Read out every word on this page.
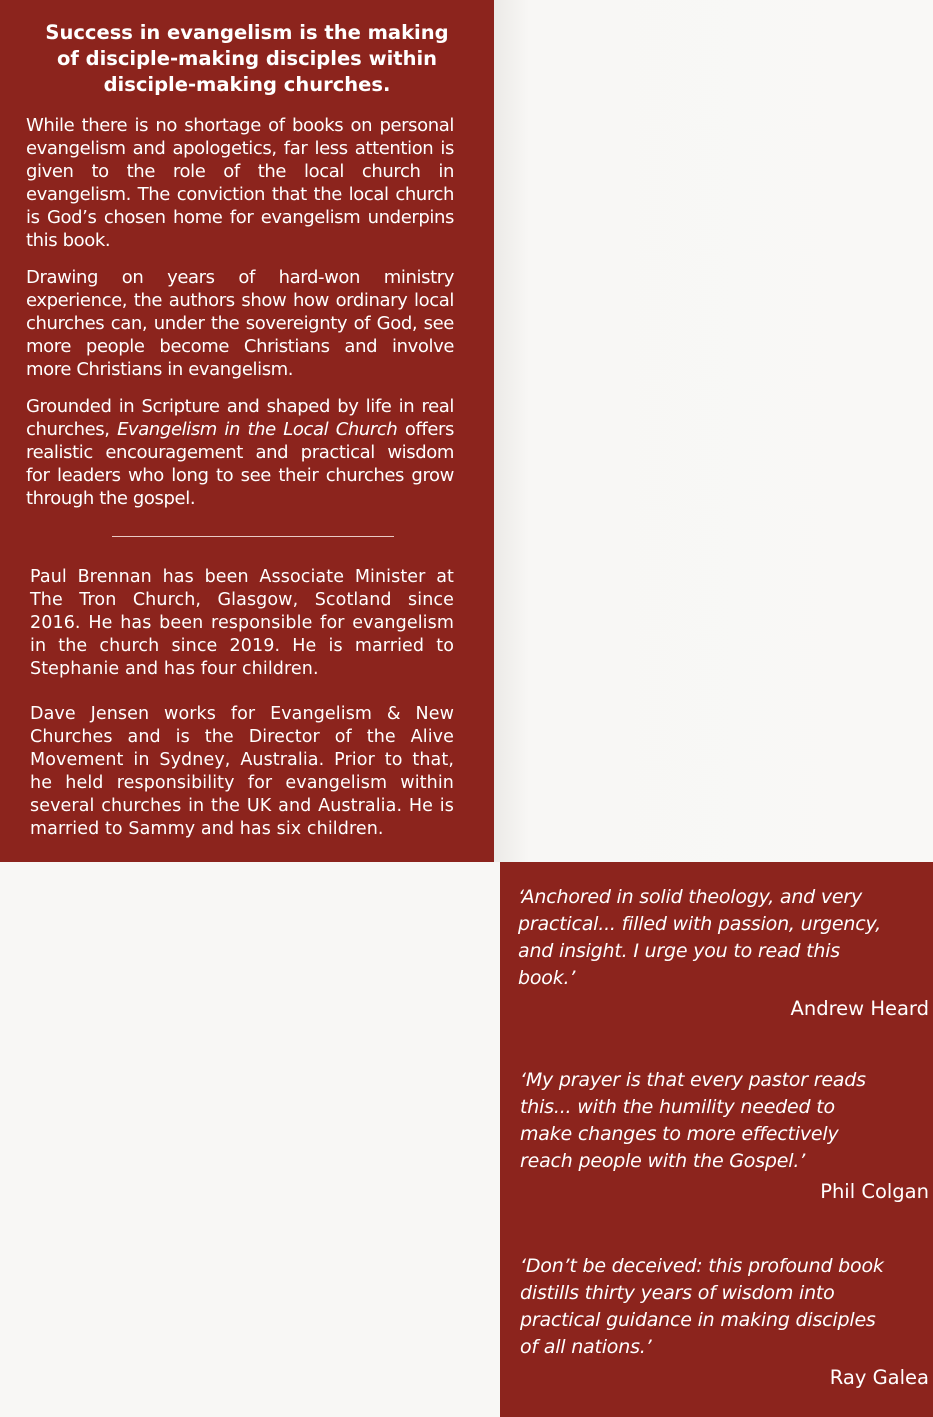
Success in evangelism is the making of disciple-making disciples within disciple-making churches.

While there is no shortage of books on personal evangelism and apologetics, far less attention is given to the role of the local church in evangelism. The conviction that the local church is God’s chosen home for evangelism underpins this book.

Drawing on years of hard-won ministry experience, the authors show how ordinary local churches can, under the sovereignty of God, see more people become Christians and involve more Christians in evangelism.

Grounded in Scripture and shaped by life in real churches, Evangelism in the Local Church offers realistic encouragement and practical wisdom for leaders who long to see their churches grow through the gospel.

Paul Brennan has been Associate Minister at The Tron Church, Glasgow, Scotland since 2016. He has been responsible for evangelism in the church since 2019. He is married to Stephanie and has four children.

Dave Jensen works for Evangelism & New Churches and is the Director of the Alive Movement in Sydney, Australia. Prior to that, he held responsibility for evangelism within several churches in the UK and Australia. He is married to Sammy and has six children.

‘Anchored in solid theology, and very practical... filled with passion, urgency, and insight. I urge you to read this book.’

Andrew Heard

‘My prayer is that every pastor reads this... with the humility needed to make changes to more effectively reach people with the Gospel.’

Phil Colgan

‘Don’t be deceived: this profound book distills thirty years of wisdom into practical guidance in making disciples of all nations.’

Ray Galea
